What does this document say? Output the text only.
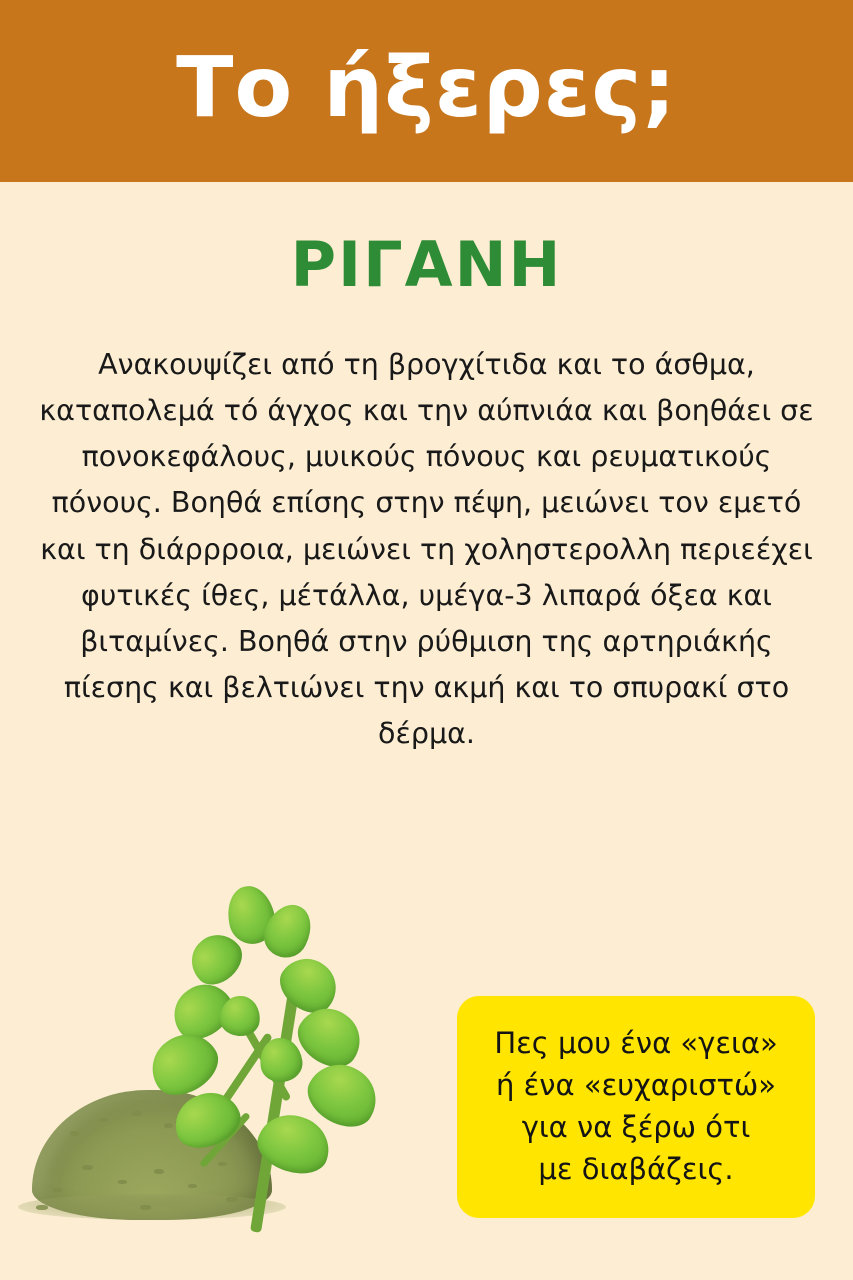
Το ήξερες;
ΡΙΓΑΝΗ

Ανακουψίζει από τη βρογχίτιδα και το άσθμα, καταπολεμά τό άγχος και την αύπνιάα και βοηθάει σε πονοκεφάλους, μυικούς πόνους και ρευματικούς πόνους. Βοηθά επίσης στην πέψη, μειώνει τον εμετό και τη διάρρροια, μειώνει τη χοληστερολλη περιεέχει φυτικές ίθες, μέτάλλα, υμέγα-3 λιπαρά όξεα και βιταμίνες. Βοηθά στην ρύθμιση της αρτηριάκής πίεσης και βελτιώνει την ακμή και το σπυρακί στο δέρμα.

Πες μου ένα «γεια»
ή ένα «ευχαριστώ»
για να ξέρω ότι
με διαβάζεις.
